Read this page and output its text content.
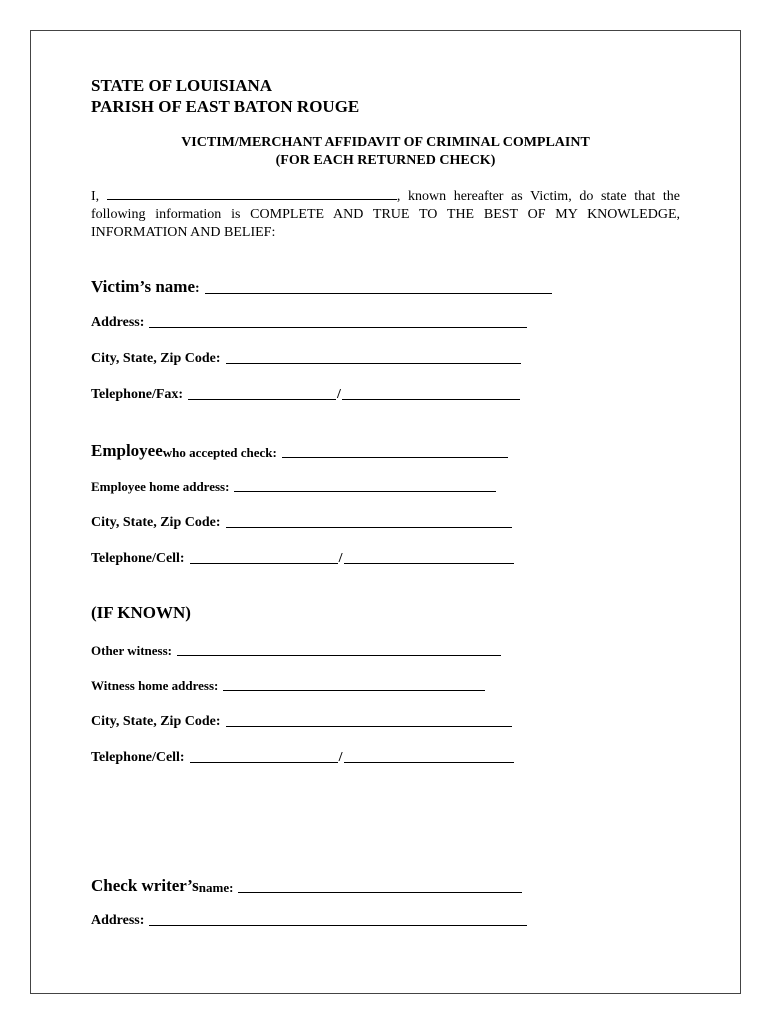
STATE OF LOUISIANA
PARISH OF EAST BATON ROUGE
VICTIM/MERCHANT AFFIDAVIT OF CRIMINAL COMPLAINT
(FOR EACH RETURNED CHECK)
I,	, known hereafter as Victim, do state that the following information is COMPLETE AND TRUE TO THE BEST OF MY KNOWLEDGE, INFORMATION AND BELIEF:
Victim’s name :
Address:
City, State, Zip Code:
Telephone/Fax:	/
Employee who accepted check:
Employee home address:
City, State, Zip Code:
Telephone/Cell:	/
(IF KNOWN)
Other witness:
Witness home address:
City, State, Zip Code:
Telephone/Cell:	/
Check writer’s name:
Address:
